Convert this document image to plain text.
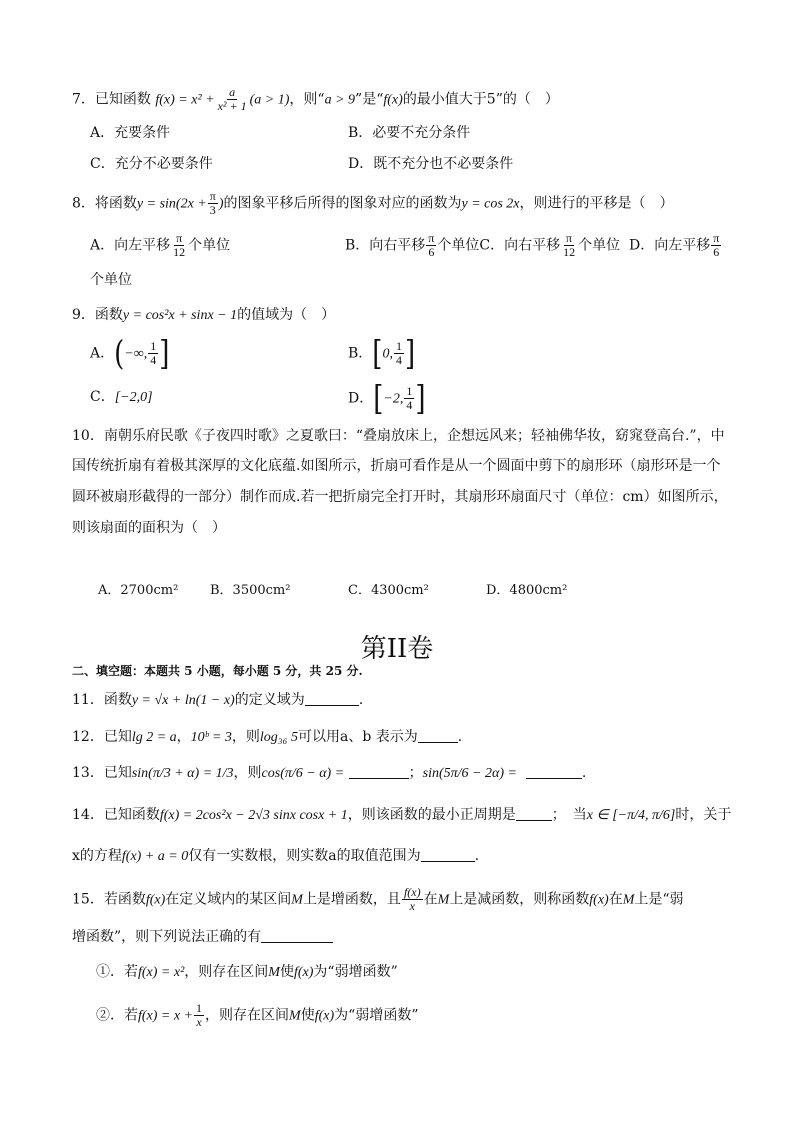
7．已知函数 $f(x) = x^2 + \frac{a}{\text{x² + 1}} (a > 1)$，则“a > 9”是“f(x)的最小值大于5”的（　）
A．充要条件	B．必要不充分条件
C．充分不必要条件	D．既不充分也不必要条件
8．将函数$y = \sin(2x + \frac{\pi}{3}$ )的图象平移后所得的图象对应的函数为y = cos 2x，则进行的平移是（　）
A．向左平移 $\frac{\pi}{12}$ 个单位	B．向右平移 $\frac{\pi}{6}$ 个单位C．向右平移 $\frac{\pi}{12}$ 个单位 D．向左平移 $\frac{\pi}{6}$
个单位
9．函数y = cos²x + sinx − 1的值域为（　）
A．(−∞, $\frac{1}{4}$ ]	B．[0, $\frac{1}{4}$ ]
C．[−2,0]	D．[−2, $\frac{1}{4}$ ]
10．南朝乐府民歌《子夜四时歌》之夏歌曰：“叠扇放床上，企想远风来；轻袖佛华妆，窈窕登高台.”，中
国传统折扇有着极其深厚的文化底蕴.如图所示，折扇可看作是从一个圆面中剪下的扇形环（扇形环是一个
圆环被扇形截得的一部分）制作而成.若一把折扇完全打开时，其扇形环扇面尺寸（单位：cm）如图所示，
则该扇面的面积为（　）
A．2700cm² B．3500cm²	C．4300cm²	D．4800cm²
第II卷
二、填空题：本题共 5 小题，每小题 5 分，共 25 分.
11．函数y = √x + ln(1 − x)的定义域为	.
12．已知lg 2 = a，10ᵇ = 3，则log₃₆ 5可以用a、b 表示为	.
13．已知sin(π/3 + α) = 1/3，则cos(π/6 − α) =	；sin(5π/6 − 2α) =	.
14．已知函数f(x) = 2cos²x − 2√3 sinx cosx + 1，则该函数的最小正周期是	；　当x ∈ [−π/4, π/6]时，关于
x的方程f(x) + a = 0仅有一实数根，则实数a的取值范围为	.
15．若函数f(x)在定义域内的某区间M上是增函数，且 $\frac{f(x)}{x}$ 在M上是减函数，则称函数f(x)在M上是“弱
增函数”，则下列说法正确的有
①．若f(x) = x²，则存在区间M使f(x)为“弱增函数”
②．若$f(x) = x + \frac{1}{x}$ ，则存在区间M使f(x)为“弱增函数”
